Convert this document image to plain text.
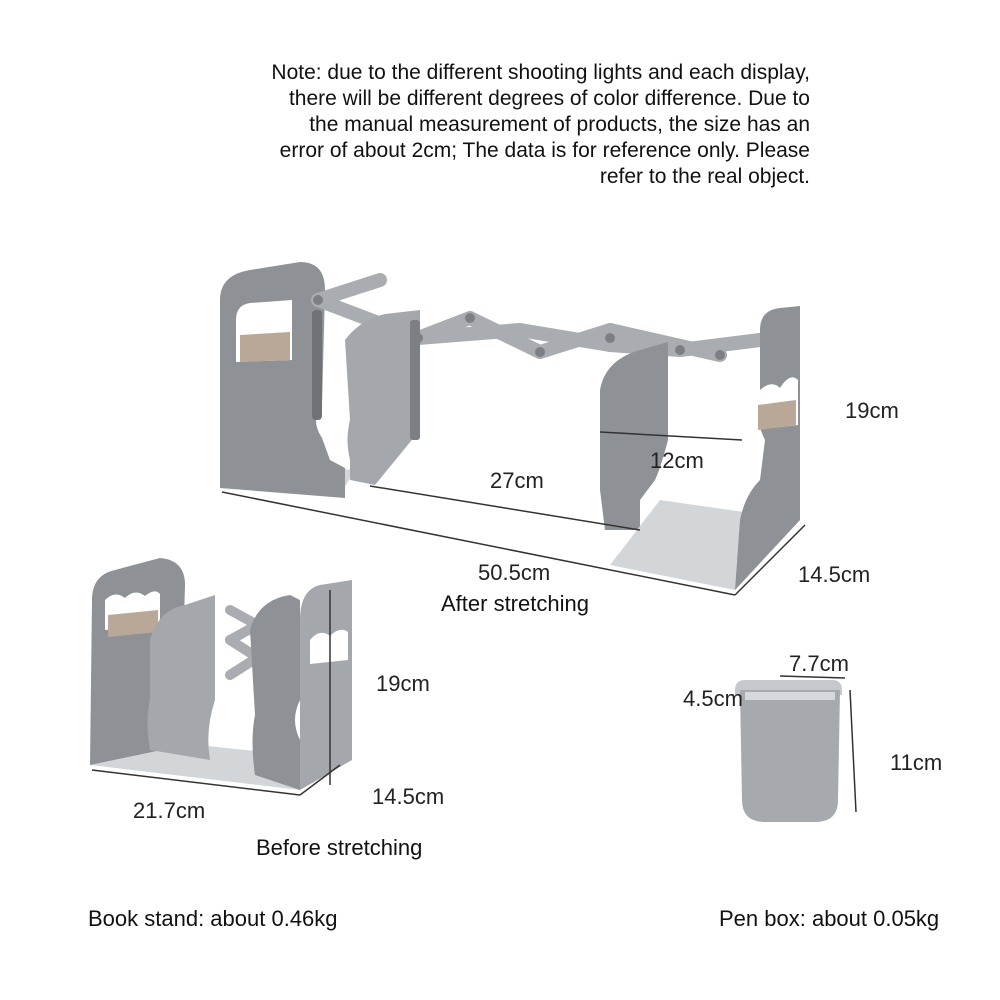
Note: due to the different shooting lights and each display,
there will be different degrees of color difference. Due to
the manual measurement of products, the size has an
error of about 2cm; The data is for reference only. Please
refer to the real object.
19cm
12cm
27cm
50.5cm	14.5cm
After stretching
19cm
14.5cm
21.7cm
Before stretching
7.7cm
4.5cm
11cm
Book stand: about 0.46kg	Pen box: about 0.05kg
